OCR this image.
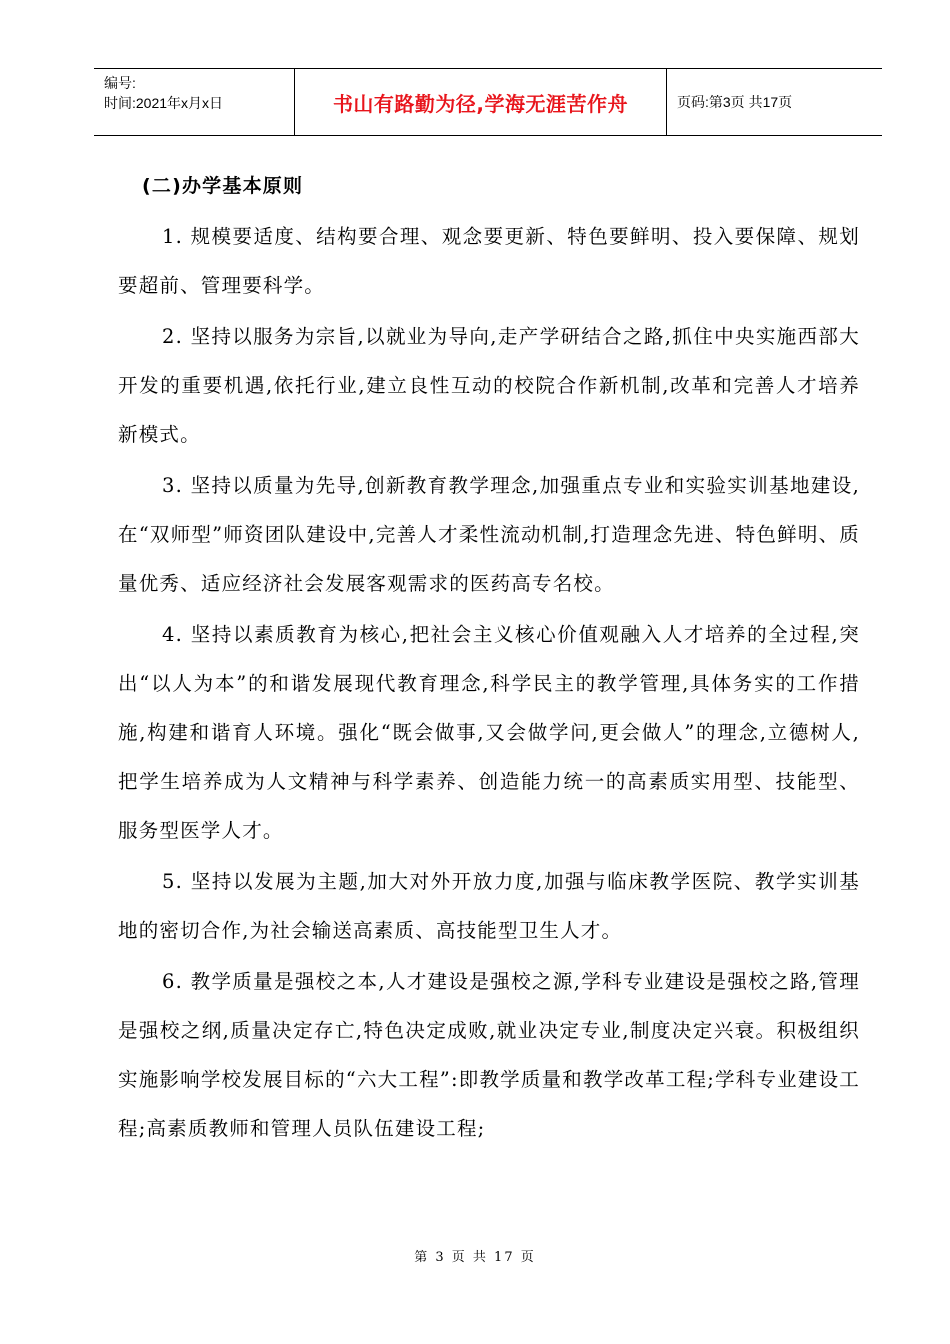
编号:
时间:2021年x月x日	书山有路勤为径,学海无涯苦作舟	页码:第3页 共17页
(二)办学基本原则

1. 规模要适度、结构要合理、观念要更新、特色要鲜明、投入要保障、规划要超前、管理要科学。

2. 坚持以服务为宗旨,以就业为导向,走产学研结合之路,抓住中央实施西部大开发的重要机遇,依托行业,建立良性互动的校院合作新机制,改革和完善人才培养新模式。

3. 坚持以质量为先导,创新教育教学理念,加强重点专业和实验实训基地建设,在“双师型”师资团队建设中,完善人才柔性流动机制,打造理念先进、特色鲜明、质量优秀、适应经济社会发展客观需求的医药高专名校。

4. 坚持以素质教育为核心,把社会主义核心价值观融入人才培养的全过程,突出“以人为本”的和谐发展现代教育理念,科学民主的教学管理,具体务实的工作措施,构建和谐育人环境。强化“既会做事,又会做学问,更会做人”的理念,立德树人,把学生培养成为人文精神与科学素养、创造能力统一的高素质实用型、技能型、服务型医学人才。

5. 坚持以发展为主题,加大对外开放力度,加强与临床教学医院、教学实训基地的密切合作,为社会输送高素质、高技能型卫生人才。

6. 教学质量是强校之本,人才建设是强校之源,学科专业建设是强校之路,管理是强校之纲,质量决定存亡,特色决定成败,就业决定专业,制度决定兴衰。积极组织实施影响学校发展目标的“六大工程”:即教学质量和教学改革工程;学科专业建设工程;高素质教师和管理人员队伍建设工程;

第 3 页 共 17 页
